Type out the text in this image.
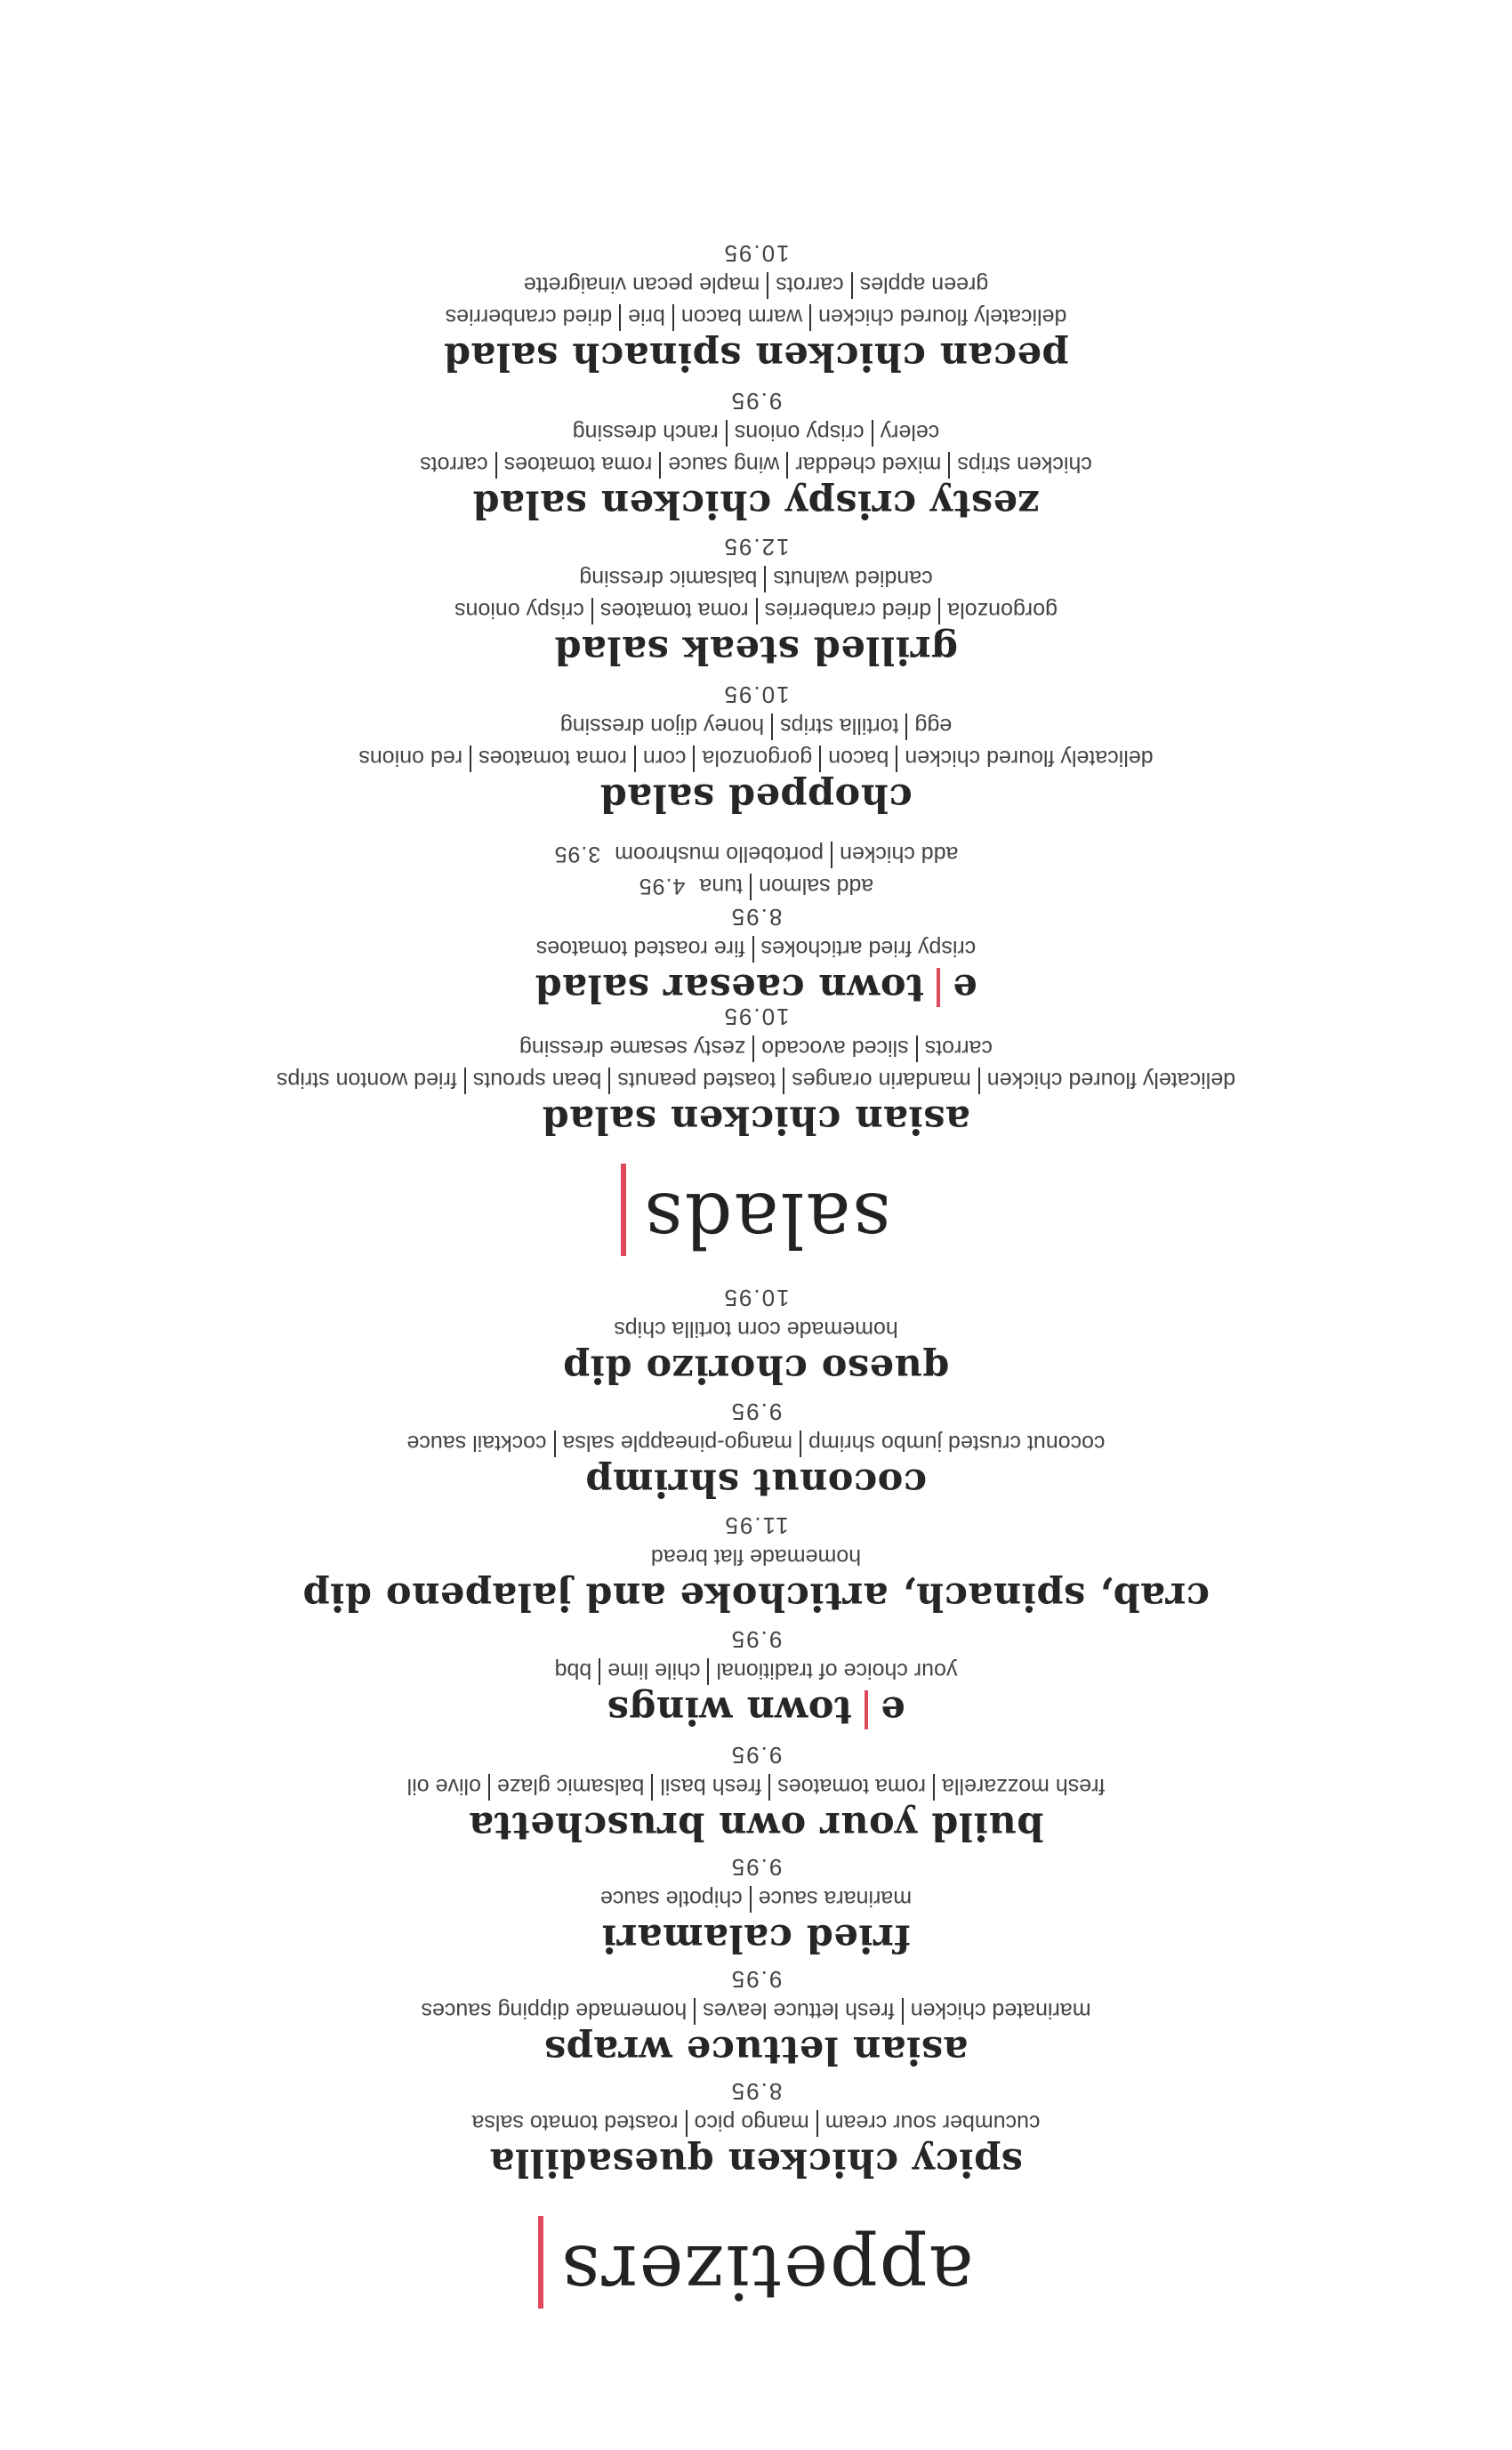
appetizers
spicy chicken quesadilla
cucumber sour creammango picoroasted tomato salsa
8.95
asian lettuce wraps
marinated chickenfresh lettuce leaveshomemade dipping sauces
9.95
fried calamari
marinara saucechipotle sauce
9.95
build your own bruschetta
fresh mozzarellaroma tomatoesfresh basilbalsamic glazeolive oil
9.95
etown wings
your choice of traditionalchile limebbq
9.95
crab, spinach, artichoke and jalapeno dip
homemade flat bread
11.95
coconut shrimp
coconut crusted jumbo shrimpmango-pineapple salsacocktail sauce
9.95
queso chorizo dip
homemade corn tortilla chips
10.95
salads
asian chicken salad
delicately floured chickenmandarin orangestoasted peanutsbean sproutsfried wonton strips
carrotssliced avocadozesty sesame dressing
10.95
etown caesar salad
crispy fried artichokesfire roasted tomatoes
8.95
add salmontuna4.95
add chickenportobello mushroom3.95
chopped salad
delicately floured chickenbacongorgonzolacornroma tomatoesred onions
eggtortilla stripshoney dijon dressing
10.95
grilled steak salad
gorgonzoladried cranberriesroma tomatoescrispy onions
candied walnutsbalsamic dressing
12.95
zesty crispy chicken salad
chicken stripsmixed cheddarwing sauceroma tomatoescarrots
celerycrispy onionsranch dressing
9.95
pecan chicken spinach salad
delicately floured chickenwarm baconbriedried cranberries
green applescarrotsmaple pecan vinaigrette
10.95
